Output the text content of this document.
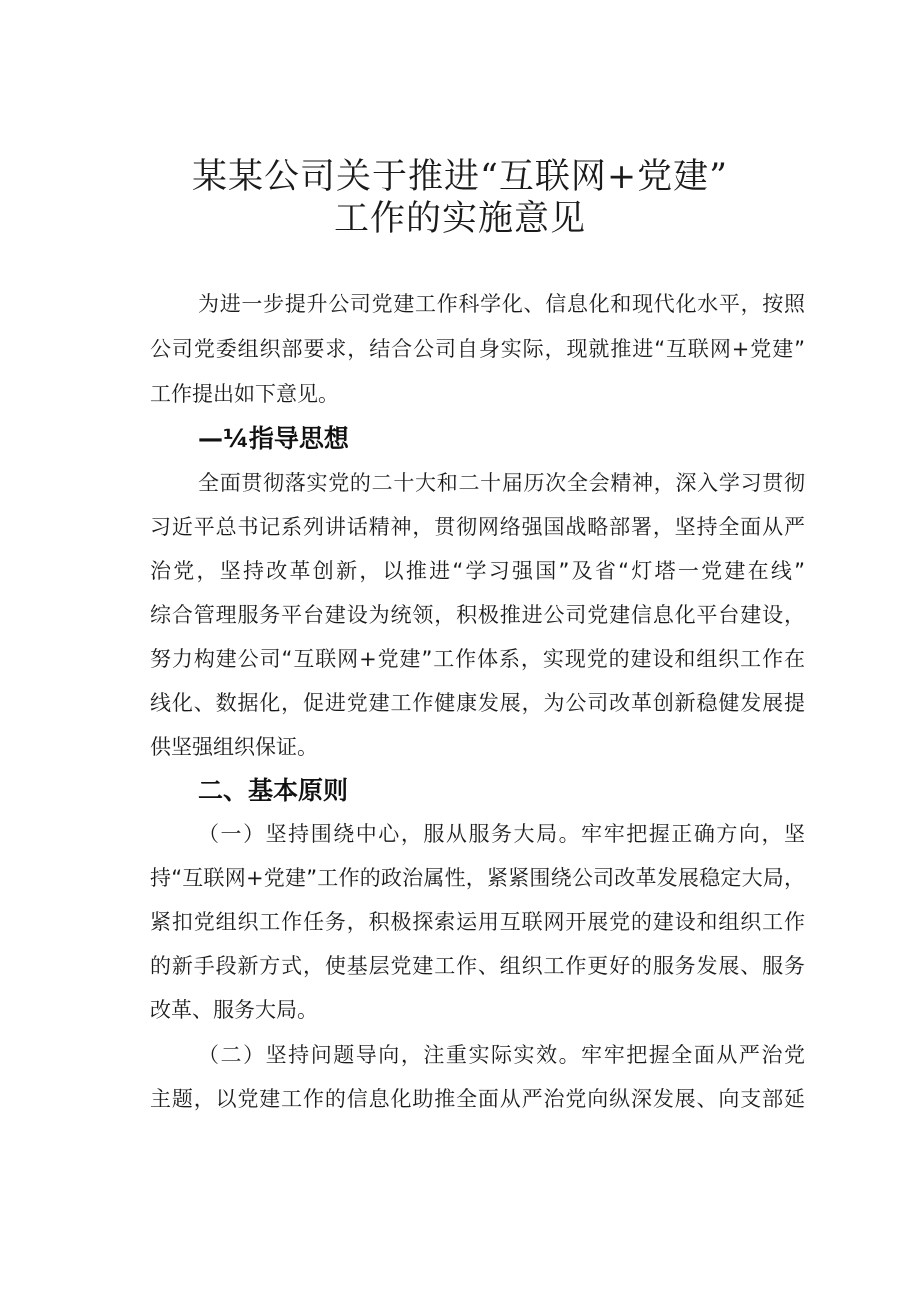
某某公司关于推进“互联网+党建”
工作的实施意见
为进一步提升公司党建工作科学化、信息化和现代化水平，按照
公司党委组织部要求，结合公司自身实际，现就推进“互联网+党建”
工作提出如下意见。
—¼指导思想
全面贯彻落实党的二十大和二十届历次全会精神，深入学习贯彻
习近平总书记系列讲话精神，贯彻网络强国战略部署，坚持全面从严
治党，坚持改革创新，以推进“学习强国”及省“灯塔一党建在线”
综合管理服务平台建设为统领，积极推进公司党建信息化平台建设，
努力构建公司“互联网+党建”工作体系，实现党的建设和组织工作在
线化、数据化，促进党建工作健康发展，为公司改革创新稳健发展提
供坚强组织保证。
二、基本原则
（一）坚持围绕中心，服从服务大局。牢牢把握正确方向，坚
持“互联网+党建”工作的政治属性，紧紧围绕公司改革发展稳定大局，
紧扣党组织工作任务，积极探索运用互联网开展党的建设和组织工作
的新手段新方式，使基层党建工作、组织工作更好的服务发展、服务
改革、服务大局。
（二）坚持问题导向，注重实际实效。牢牢把握全面从严治党
主题，以党建工作的信息化助推全面从严治党向纵深发展、向支部延
